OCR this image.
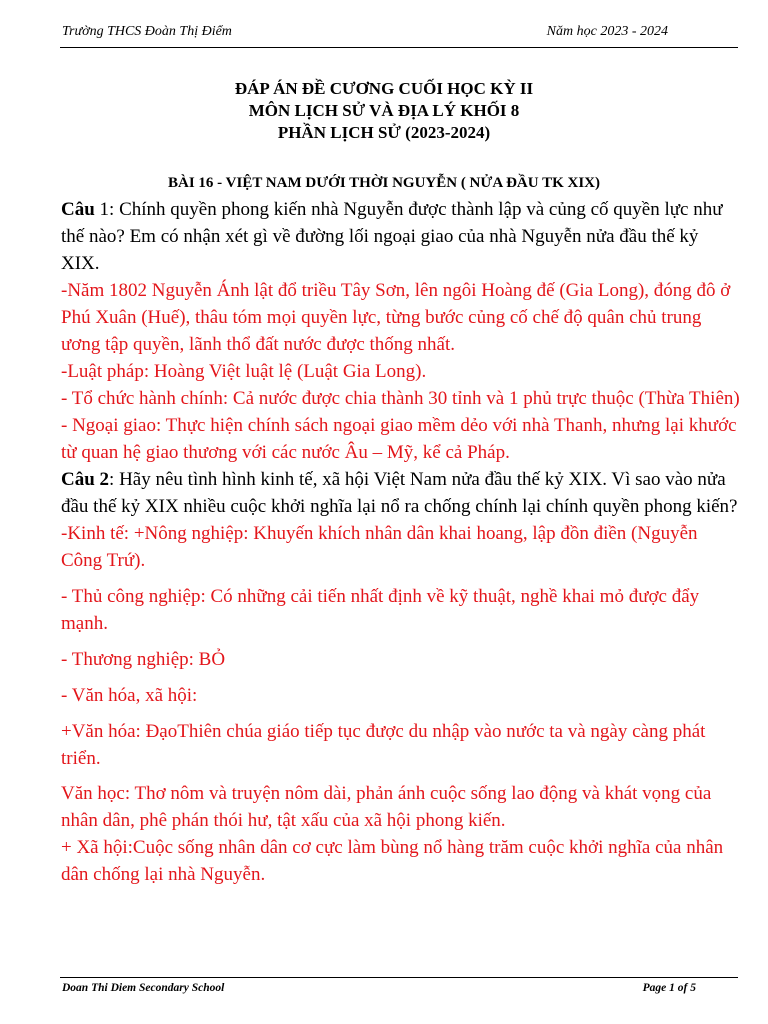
Trường THCS Đoàn Thị Điểm	Năm học 2023 - 2024
ĐÁP ÁN ĐỀ CƯƠNG CUỐI HỌC KỲ II
MÔN LỊCH SỬ VÀ ĐỊA LÝ KHỐI 8
PHẦN LỊCH SỬ (2023-2024)
BÀI 16 - VIỆT NAM DƯỚI THỜI NGUYỄN ( NỬA ĐẦU TK XIX)

Câu 1: Chính quyền phong kiến nhà Nguyễn được thành lập và củng cố quyền lực như thế nào? Em có nhận xét gì về đường lối ngoại giao của nhà Nguyễn nửa đầu thế kỷ XIX.

-Năm 1802 Nguyễn Ánh lật đổ triều Tây Sơn, lên ngôi Hoàng đế (Gia Long), đóng đô ở Phú Xuân (Huế), thâu tóm mọi quyền lực, từng bước củng cố chế độ quân chủ trung ương tập quyền, lãnh thổ đất nước được thống nhất.

-Luật pháp: Hoàng Việt luật lệ (Luật Gia Long).

- Tổ chức hành chính: Cả nước được chia thành 30 tỉnh và 1 phủ trực thuộc (Thừa Thiên)

- Ngoại giao: Thực hiện chính sách ngoại giao mềm dẻo với nhà Thanh, nhưng lại khước từ quan hệ giao thương với các nước Âu – Mỹ, kể cả Pháp.

Câu 2: Hãy nêu tình hình kinh tế, xã hội Việt Nam nửa đầu thế kỷ XIX. Vì sao vào nửa đầu thế kỷ XIX nhiều cuộc khởi nghĩa lại nổ ra chống chính lại chính quyền phong kiến?

-Kinh tế: +Nông nghiệp: Khuyến khích nhân dân khai hoang, lập đồn điền (Nguyễn Công Trứ).

- Thủ công nghiệp: Có những cải tiến nhất định về kỹ thuật, nghề khai mỏ được đẩy mạnh.

- Thương nghiệp: BỎ

- Văn hóa, xã hội:

+Văn hóa: ĐạoThiên chúa giáo tiếp tục được du nhập vào nước ta và ngày càng phát triển.

Văn học: Thơ nôm và truyện nôm dài, phản ánh cuộc sống lao động và khát vọng của nhân dân, phê phán thói hư, tật xấu của xã hội phong kiến.

+ Xã hội:Cuộc sống nhân dân cơ cực làm bùng nổ hàng trăm cuộc khởi nghĩa của nhân dân chống lại nhà Nguyễn.

Doan Thi Diem Secondary School	Page 1 of 5
